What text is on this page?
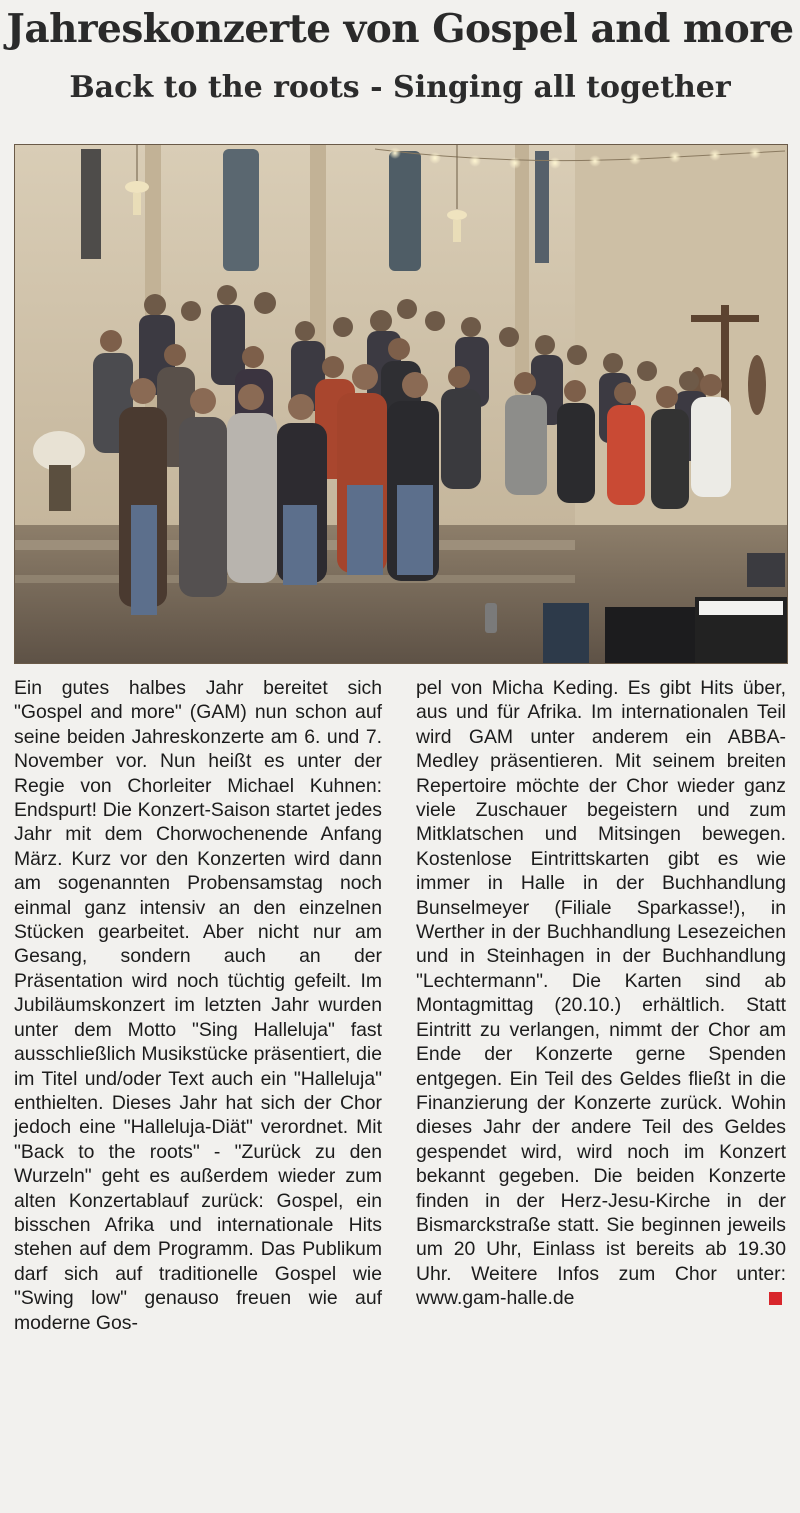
Jahreskonzerte von Gospel and more
Back to the roots - Singing all together

Ein gutes halbes Jahr bereitet sich "Gospel and more" (GAM) nun schon auf seine beiden Jahreskonzerte am 6. und 7. November vor. Nun heißt es unter der Regie von Chorleiter Michael Kuhnen: Endspurt! Die Konzert-Saison startet jedes Jahr mit dem Chorwochenende Anfang März. Kurz vor den Konzerten wird dann am sogenannten Probensamstag noch einmal ganz intensiv an den einzelnen Stücken gearbeitet. Aber nicht nur am Gesang, sondern auch an der Präsentation wird noch tüchtig gefeilt. Im Jubiläumskonzert im letzten Jahr wurden unter dem Motto "Sing Halleluja" fast ausschließlich Musikstücke präsentiert, die im Titel und/oder Text auch ein "Halleluja" enthielten. Dieses Jahr hat sich der Chor jedoch eine "Halleluja-Diät" verordnet. Mit "Back to the roots" - "Zurück zu den Wurzeln" geht es außerdem wieder zum alten Konzertablauf zurück: Gospel, ein bisschen Afrika und internationale Hits stehen auf dem Programm. Das Publikum darf sich auf traditionelle Gospel wie "Swing low" genauso freuen wie auf moderne Gos-

pel von Micha Keding. Es gibt Hits über, aus und für Afrika. Im internationalen Teil wird GAM unter anderem ein ABBA-Medley präsentieren. Mit seinem breiten Repertoire möchte der Chor wieder ganz viele Zuschauer begeistern und zum Mitklatschen und Mitsingen bewegen. Kostenlose Eintrittskarten gibt es wie immer in Halle in der Buchhandlung Bunselmeyer (Filiale Sparkasse!), in Werther in der Buchhandlung Lesezeichen und in Steinhagen in der Buchhandlung "Lechtermann". Die Karten sind ab Montagmittag (20.10.) erhältlich. Statt Eintritt zu verlangen, nimmt der Chor am Ende der Konzerte gerne Spenden entgegen. Ein Teil des Geldes fließt in die Finanzierung der Konzerte zurück. Wohin dieses Jahr der andere Teil des Geldes gespendet wird, wird noch im Konzert bekannt gegeben. Die beiden Konzerte finden in der Herz-Jesu-Kirche in der Bismarckstraße statt. Sie beginnen jeweils um 20 Uhr, Einlass ist bereits ab 19.30 Uhr. Weitere Infos zum Chor unter: www.gam-halle.de
